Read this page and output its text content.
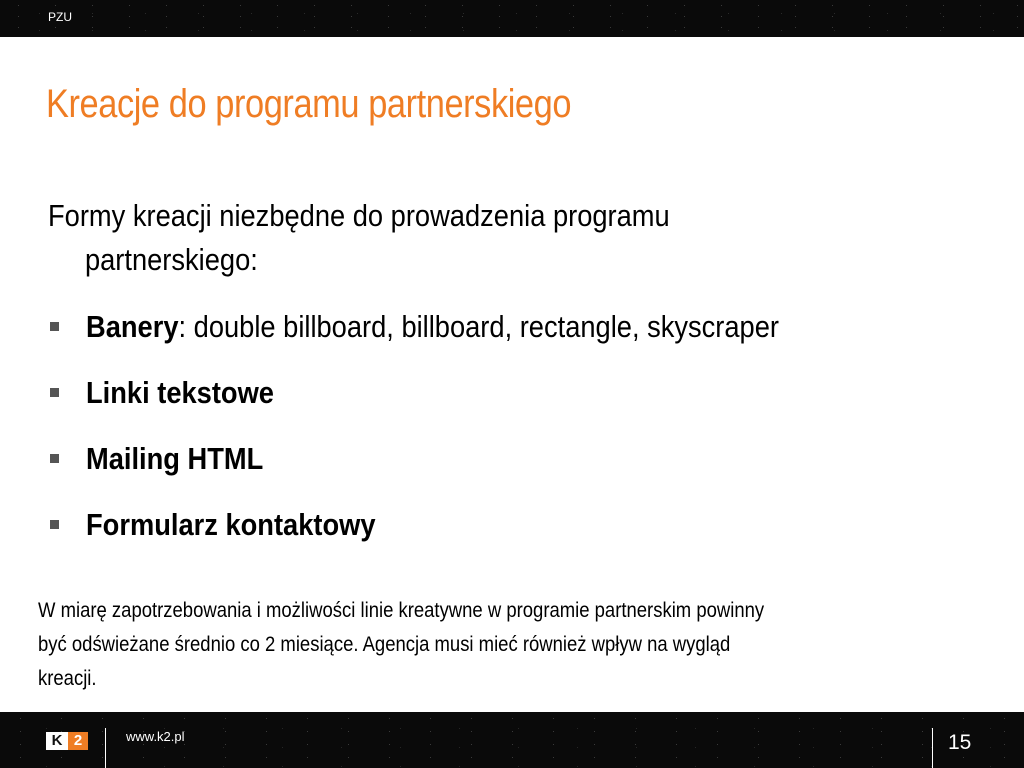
PZU
Kreacje do programu partnerskiego

Formy kreacji niezbędne do prowadzenia programu
partnerskiego:

Banery: double billboard, billboard, rectangle, skyscraper
Linki tekstowe
Mailing HTML
Formularz kontaktowy

W miarę zapotrzebowania i możliwości linie kreatywne w programie partnerskim powinny
być odświeżane średnio co 2 miesiące. Agencja musi mieć również wpływ na wygląd
kreacji.

K 2	www.k2.pl	15
